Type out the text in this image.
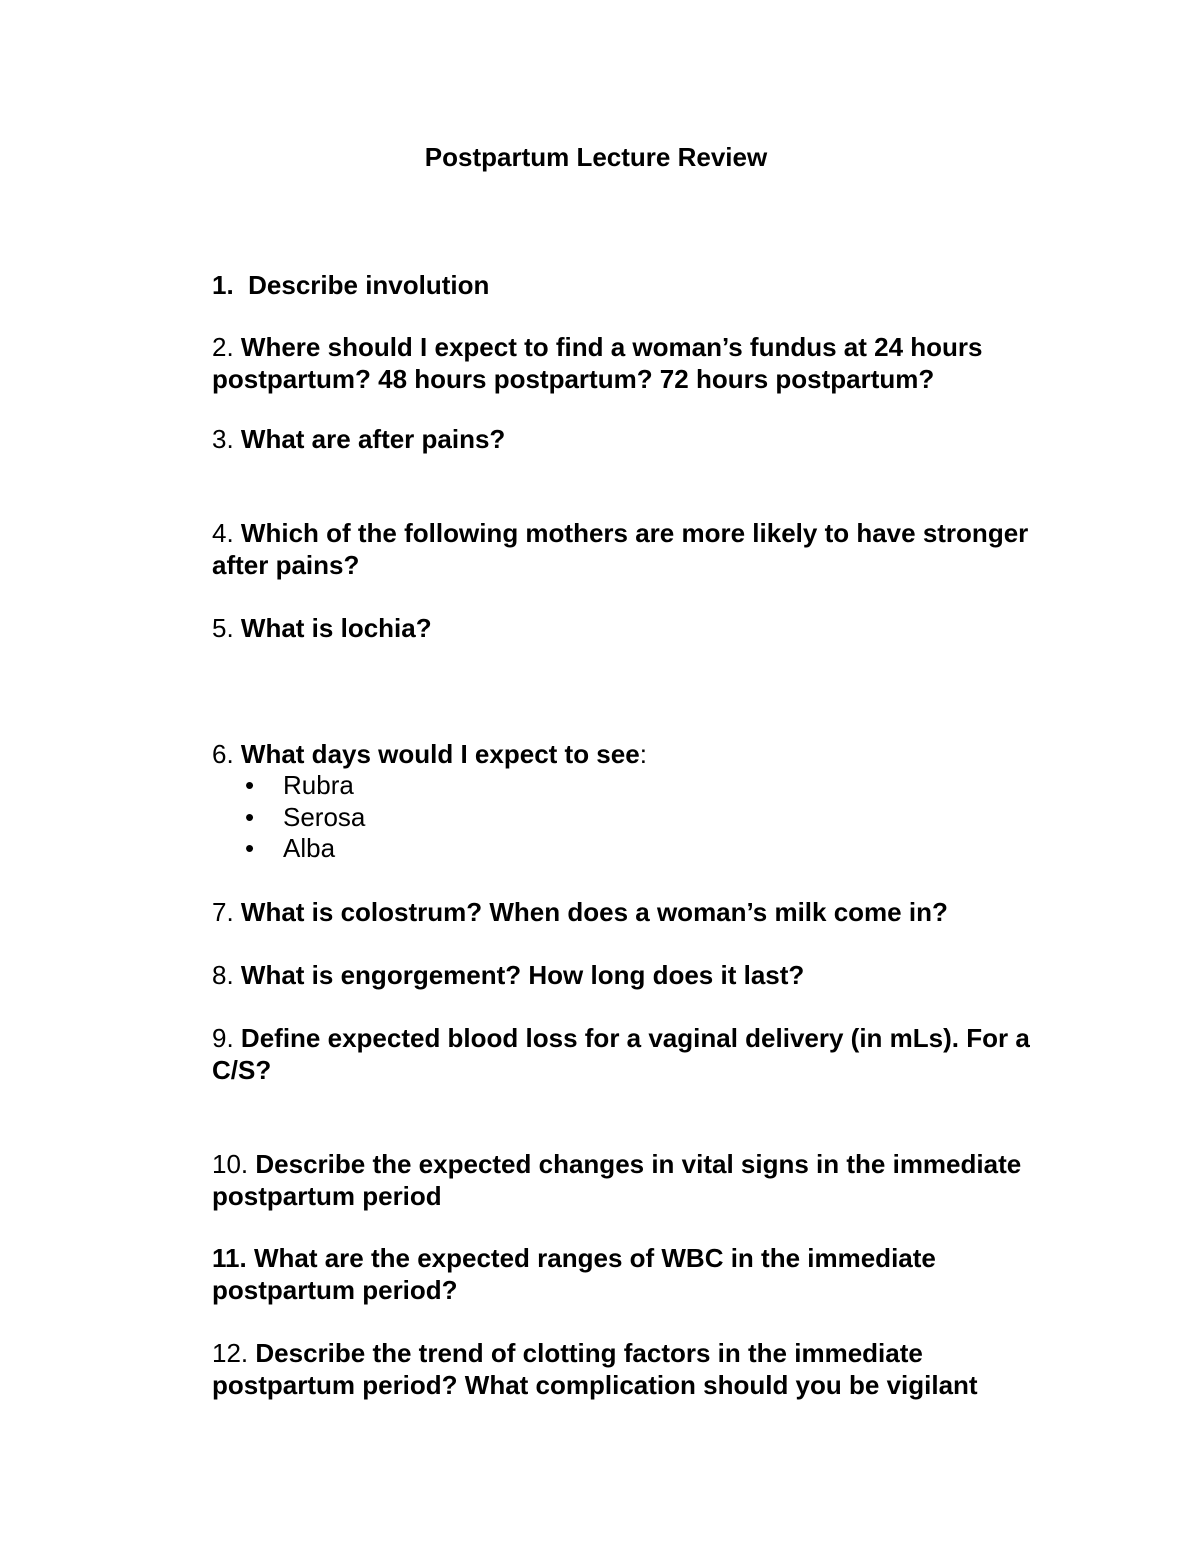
Postpartum Lecture Review

1. Describe involution

2. Where should I expect to find a woman’s fundus at 24 hours postpartum? 48 hours postpartum? 72 hours postpartum?

3. What are after pains?

4. Which of the following mothers are more likely to have stronger after pains?

5. What is lochia?

6. What days would I expect to see:

• Rubra
• Serosa
• Alba

7. What is colostrum? When does a woman’s milk come in?

8. What is engorgement? How long does it last?

9. Define expected blood loss for a vaginal delivery (in mLs). For a C/S?

10. Describe the expected changes in vital signs in the immediate postpartum period

11. What are the expected ranges of WBC in the immediate postpartum period?

12. Describe the trend of clotting factors in the immediate postpartum period? What complication should you be vigilant
